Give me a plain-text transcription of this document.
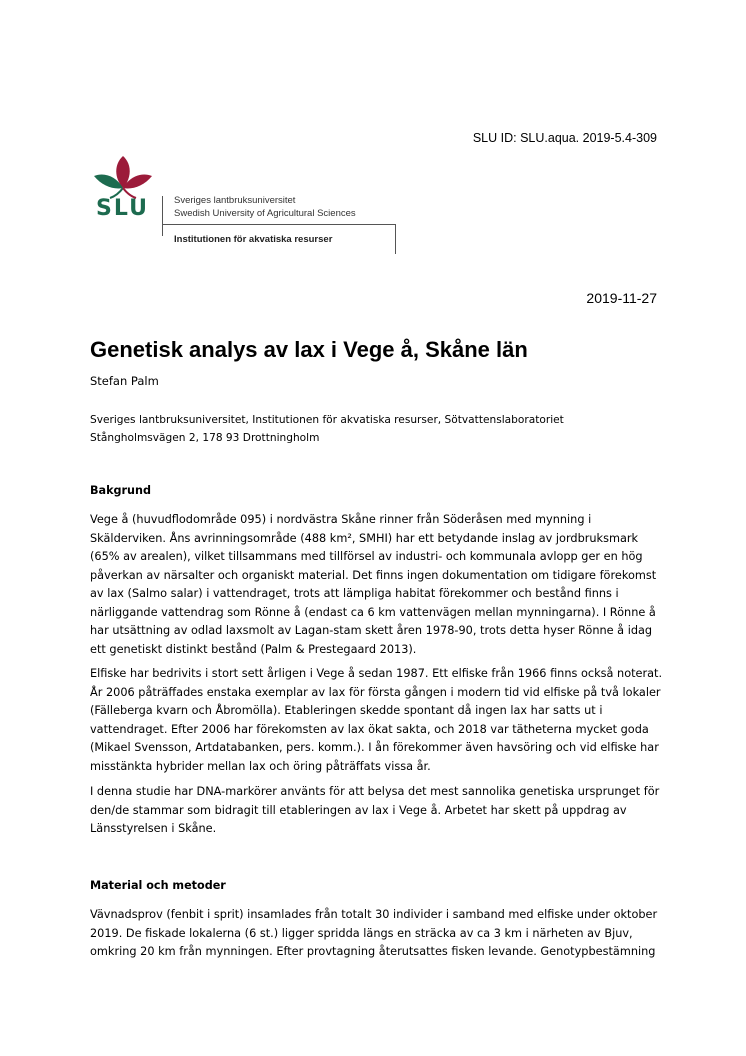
SLU ID: SLU.aqua. 2019-5.4-309
SLU	Sveriges lantbruksuniversitet
Swedish University of Agricultural Sciences
Institutionen för akvatiska resurser
2019-11-27
Genetisk analys av lax i Vege å, Skåne län
Stefan Palm
Sveriges lantbruksuniversitet, Institutionen för akvatiska resurser, Sötvattenslaboratoriet
Stångholmsvägen 2, 178 93 Drottningholm
Bakgrund
Vege å (huvudflodområde 095) i nordvästra Skåne rinner från Söderåsen med mynning i
Skälderviken. Åns avrinningsområde (488 km², SMHI) har ett betydande inslag av jordbruksmark
(65% av arealen), vilket tillsammans med tillförsel av industri- och kommunala avlopp ger en hög
påverkan av närsalter och organiskt material. Det finns ingen dokumentation om tidigare förekomst
av lax (Salmo salar) i vattendraget, trots att lämpliga habitat förekommer och bestånd finns i
närliggande vattendrag som Rönne å (endast ca 6 km vattenvägen mellan mynningarna). I Rönne å
har utsättning av odlad laxsmolt av Lagan-stam skett åren 1978-90, trots detta hyser Rönne å idag
ett genetiskt distinkt bestånd (Palm & Prestegaard 2013).
Elfiske har bedrivits i stort sett årligen i Vege å sedan 1987. Ett elfiske från 1966 finns också noterat.
År 2006 påträffades enstaka exemplar av lax för första gången i modern tid vid elfiske på två lokaler
(Fälleberga kvarn och Åbromölla). Etableringen skedde spontant då ingen lax har satts ut i
vattendraget. Efter 2006 har förekomsten av lax ökat sakta, och 2018 var tätheterna mycket goda
(Mikael Svensson, Artdatabanken, pers. komm.). I ån förekommer även havsöring och vid elfiske har
misstänkta hybrider mellan lax och öring påträffats vissa år.
I denna studie har DNA-markörer använts för att belysa det mest sannolika genetiska ursprunget för
den/de stammar som bidragit till etableringen av lax i Vege å. Arbetet har skett på uppdrag av
Länsstyrelsen i Skåne.
Material och metoder
Vävnadsprov (fenbit i sprit) insamlades från totalt 30 individer i samband med elfiske under oktober
2019. De fiskade lokalerna (6 st.) ligger spridda längs en sträcka av ca 3 km i närheten av Bjuv,
omkring 20 km från mynningen. Efter provtagning återutsattes fisken levande. Genotypbestämning
